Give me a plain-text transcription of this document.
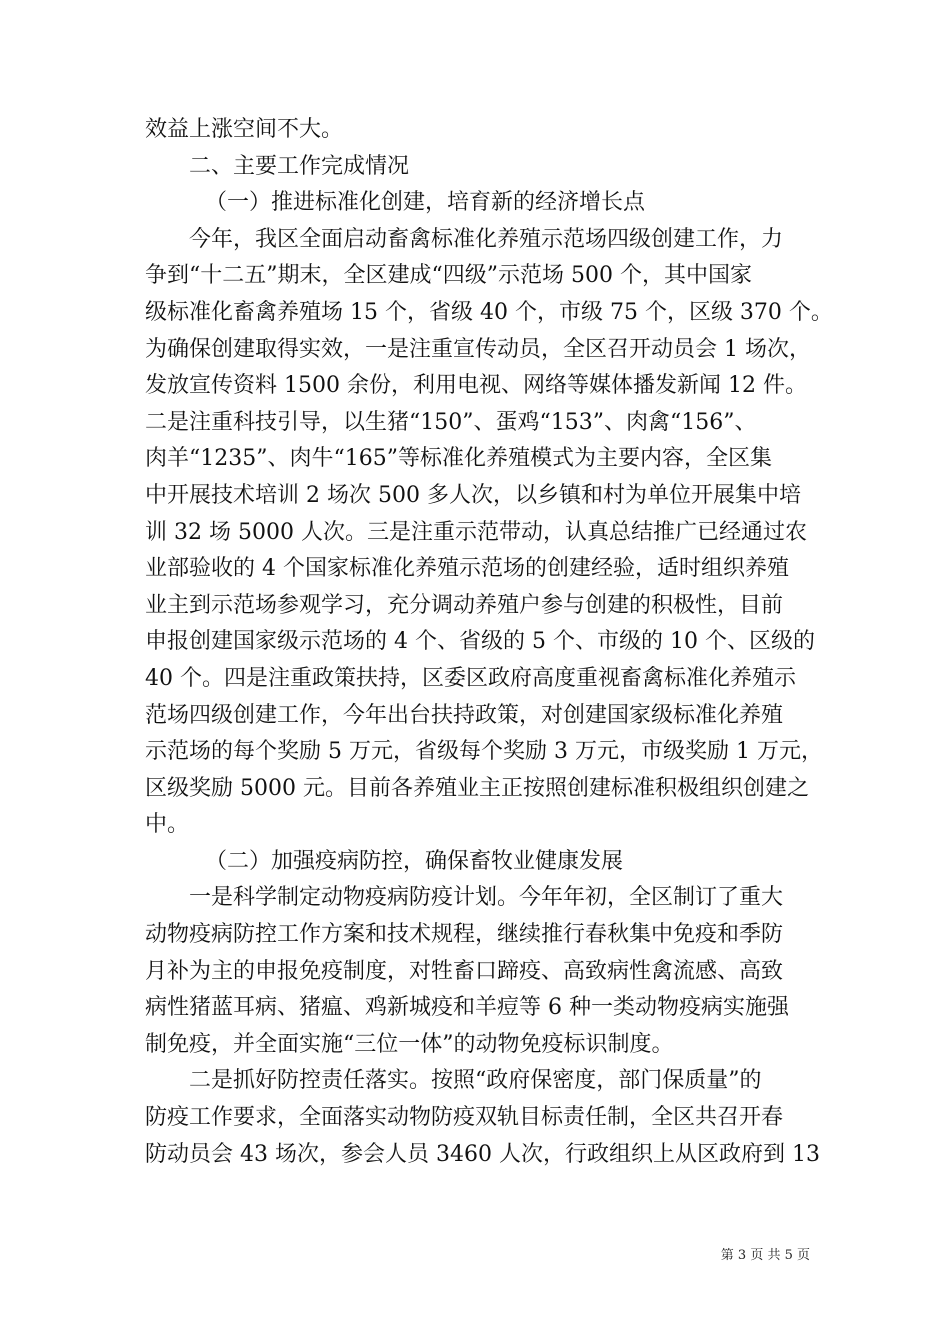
效益上涨空间不大。
二、主要工作完成情况
（一）推进标准化创建，培育新的经济增长点
今年，我区全面启动畜禽标准化养殖示范场四级创建工作，力
争到“十二五”期末，全区建成“四级”示范场 500 个，其中国家
级标准化畜禽养殖场 15 个，省级 40 个，市级 75 个，区级 370 个。
为确保创建取得实效，一是注重宣传动员，全区召开动员会 1 场次，
发放宣传资料 1500 余份，利用电视、网络等媒体播发新闻 12 件。
二是注重科技引导，以生猪“150”、蛋鸡“153”、肉禽“156”、
肉羊“1235”、肉牛“165”等标准化养殖模式为主要内容，全区集
中开展技术培训 2 场次 500 多人次，以乡镇和村为单位开展集中培
训 32 场 5000 人次。三是注重示范带动，认真总结推广已经通过农
业部验收的 4 个国家标准化养殖示范场的创建经验，适时组织养殖
业主到示范场参观学习，充分调动养殖户参与创建的积极性，目前
申报创建国家级示范场的 4 个、省级的 5 个、市级的 10 个、区级的
40 个。四是注重政策扶持，区委区政府高度重视畜禽标准化养殖示
范场四级创建工作，今年出台扶持政策，对创建国家级标准化养殖
示范场的每个奖励 5 万元，省级每个奖励 3 万元，市级奖励 1 万元，
区级奖励 5000 元。目前各养殖业主正按照创建标准积极组织创建之
中。
（二）加强疫病防控，确保畜牧业健康发展
一是科学制定动物疫病防疫计划。今年年初，全区制订了重大
动物疫病防控工作方案和技术规程，继续推行春秋集中免疫和季防
月补为主的申报免疫制度，对牲畜口蹄疫、高致病性禽流感、高致
病性猪蓝耳病、猪瘟、鸡新城疫和羊痘等 6 种一类动物疫病实施强
制免疫，并全面实施“三位一体”的动物免疫标识制度。
二是抓好防控责任落实。按照“政府保密度，部门保质量”的
防疫工作要求，全面落实动物防疫双轨目标责任制，全区共召开春
防动员会 43 场次，参会人员 3460 人次，行政组织上从区政府到 13
第 3 页 共 5 页
